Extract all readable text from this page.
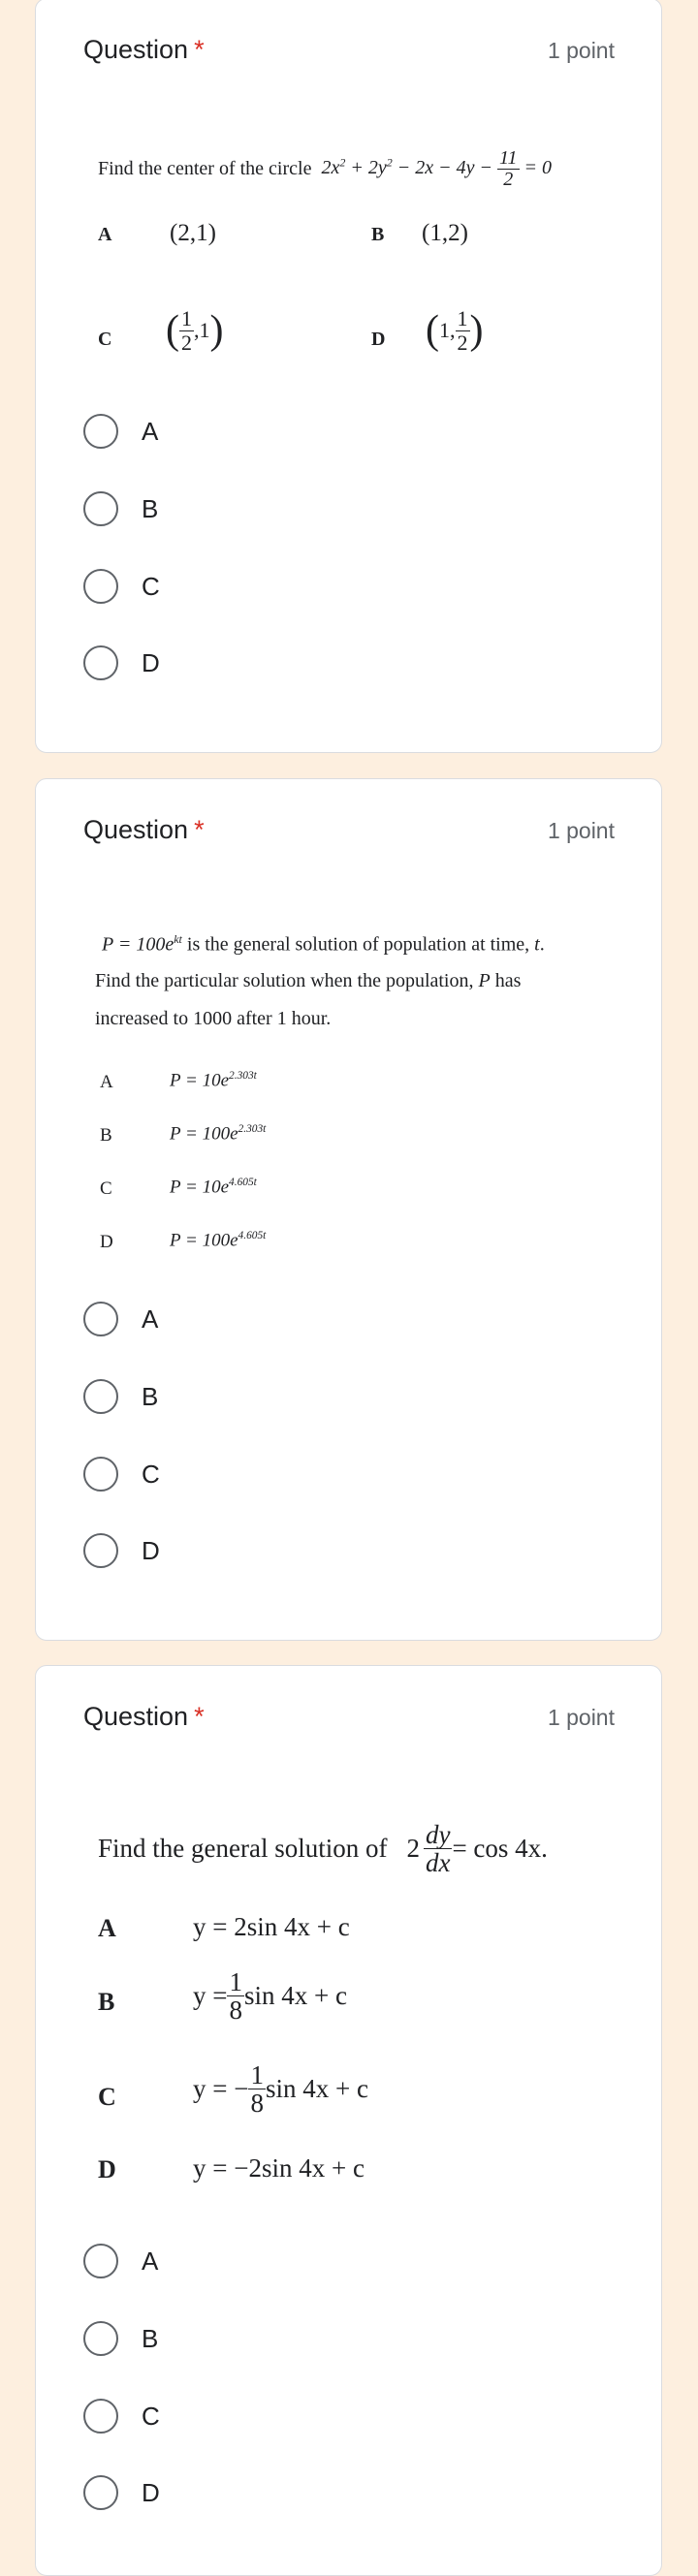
Question *	1 point
Find the center of the circle $2x^2 + 2y^2 - 2x - 4y - \frac{11}{2} = 0$
A (2,1)	B (1,2)
C ( $\frac{1}{2} ,1$ )	D ( 1, $\frac{1}{2}$ )
A
B
C
D
Question *	1 point
$P = 100e^{kt}$ is the general solution of population at time, t.
Find the particular solution when the population, P has
increased to 1000 after 1 hour.
A	$P = 10e^{2.303t}$
B	$P = 100e^{2.303t}$
C	$P = 10e^{4.605t}$
D	$P = 100e^{4.605t}$
A
B
C
D
Question *	1 point
Find the general solution of $2 \frac{dy}{dx} = \cos 4x$.
A	y = 2sin 4x + c
B	$y = \frac{1}{8}$ sin 4x + c
C	y = − $\frac{1}{8}$ sin 4x + c
D	y = −2sin 4x + c
A
B
C
D
